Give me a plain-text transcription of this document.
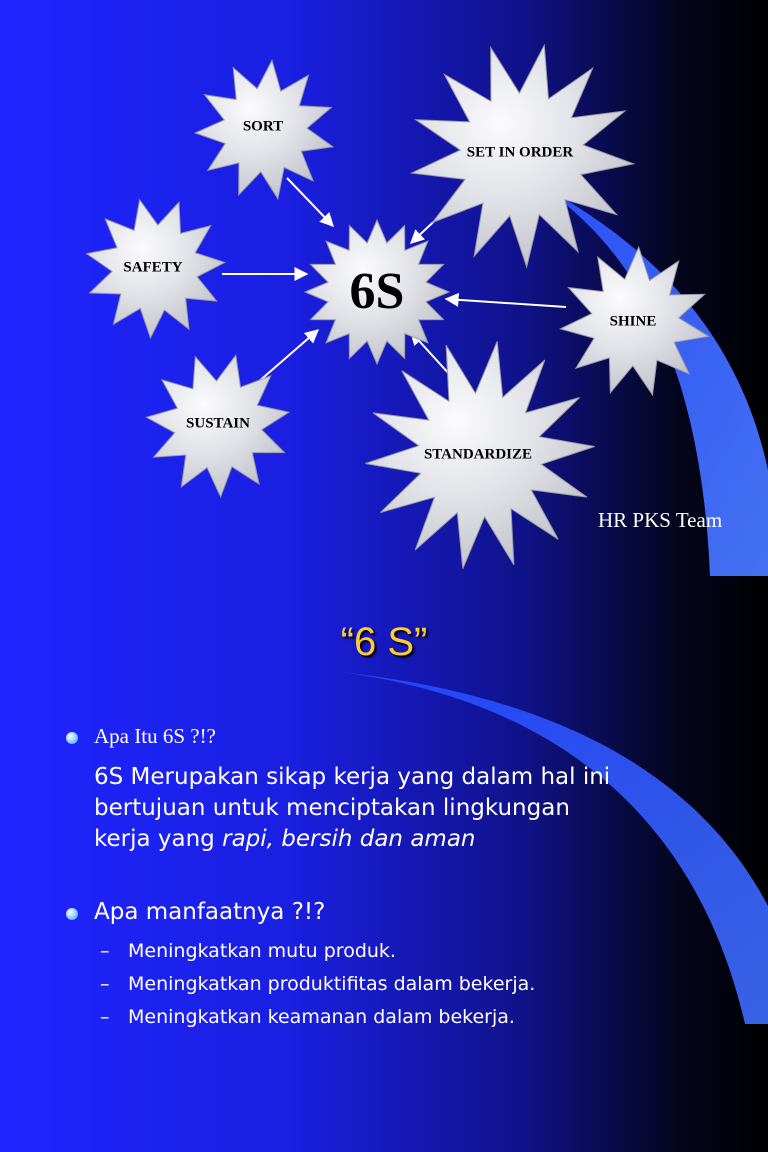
SORT
SET IN ORDER
SAFETY
SHINE
SUSTAIN
STANDARDIZE
6S
HR PKS Team
“6 S”
Apa Itu 6S ?!?
6S Merupakan sikap kerja yang dalam hal ini
bertujuan untuk menciptakan lingkungan
kerja yang rapi, bersih dan aman
Apa manfaatnya ?!?
– Meningkatkan mutu produk.
– Meningkatkan produktifitas dalam bekerja.
– Meningkatkan keamanan dalam bekerja.
